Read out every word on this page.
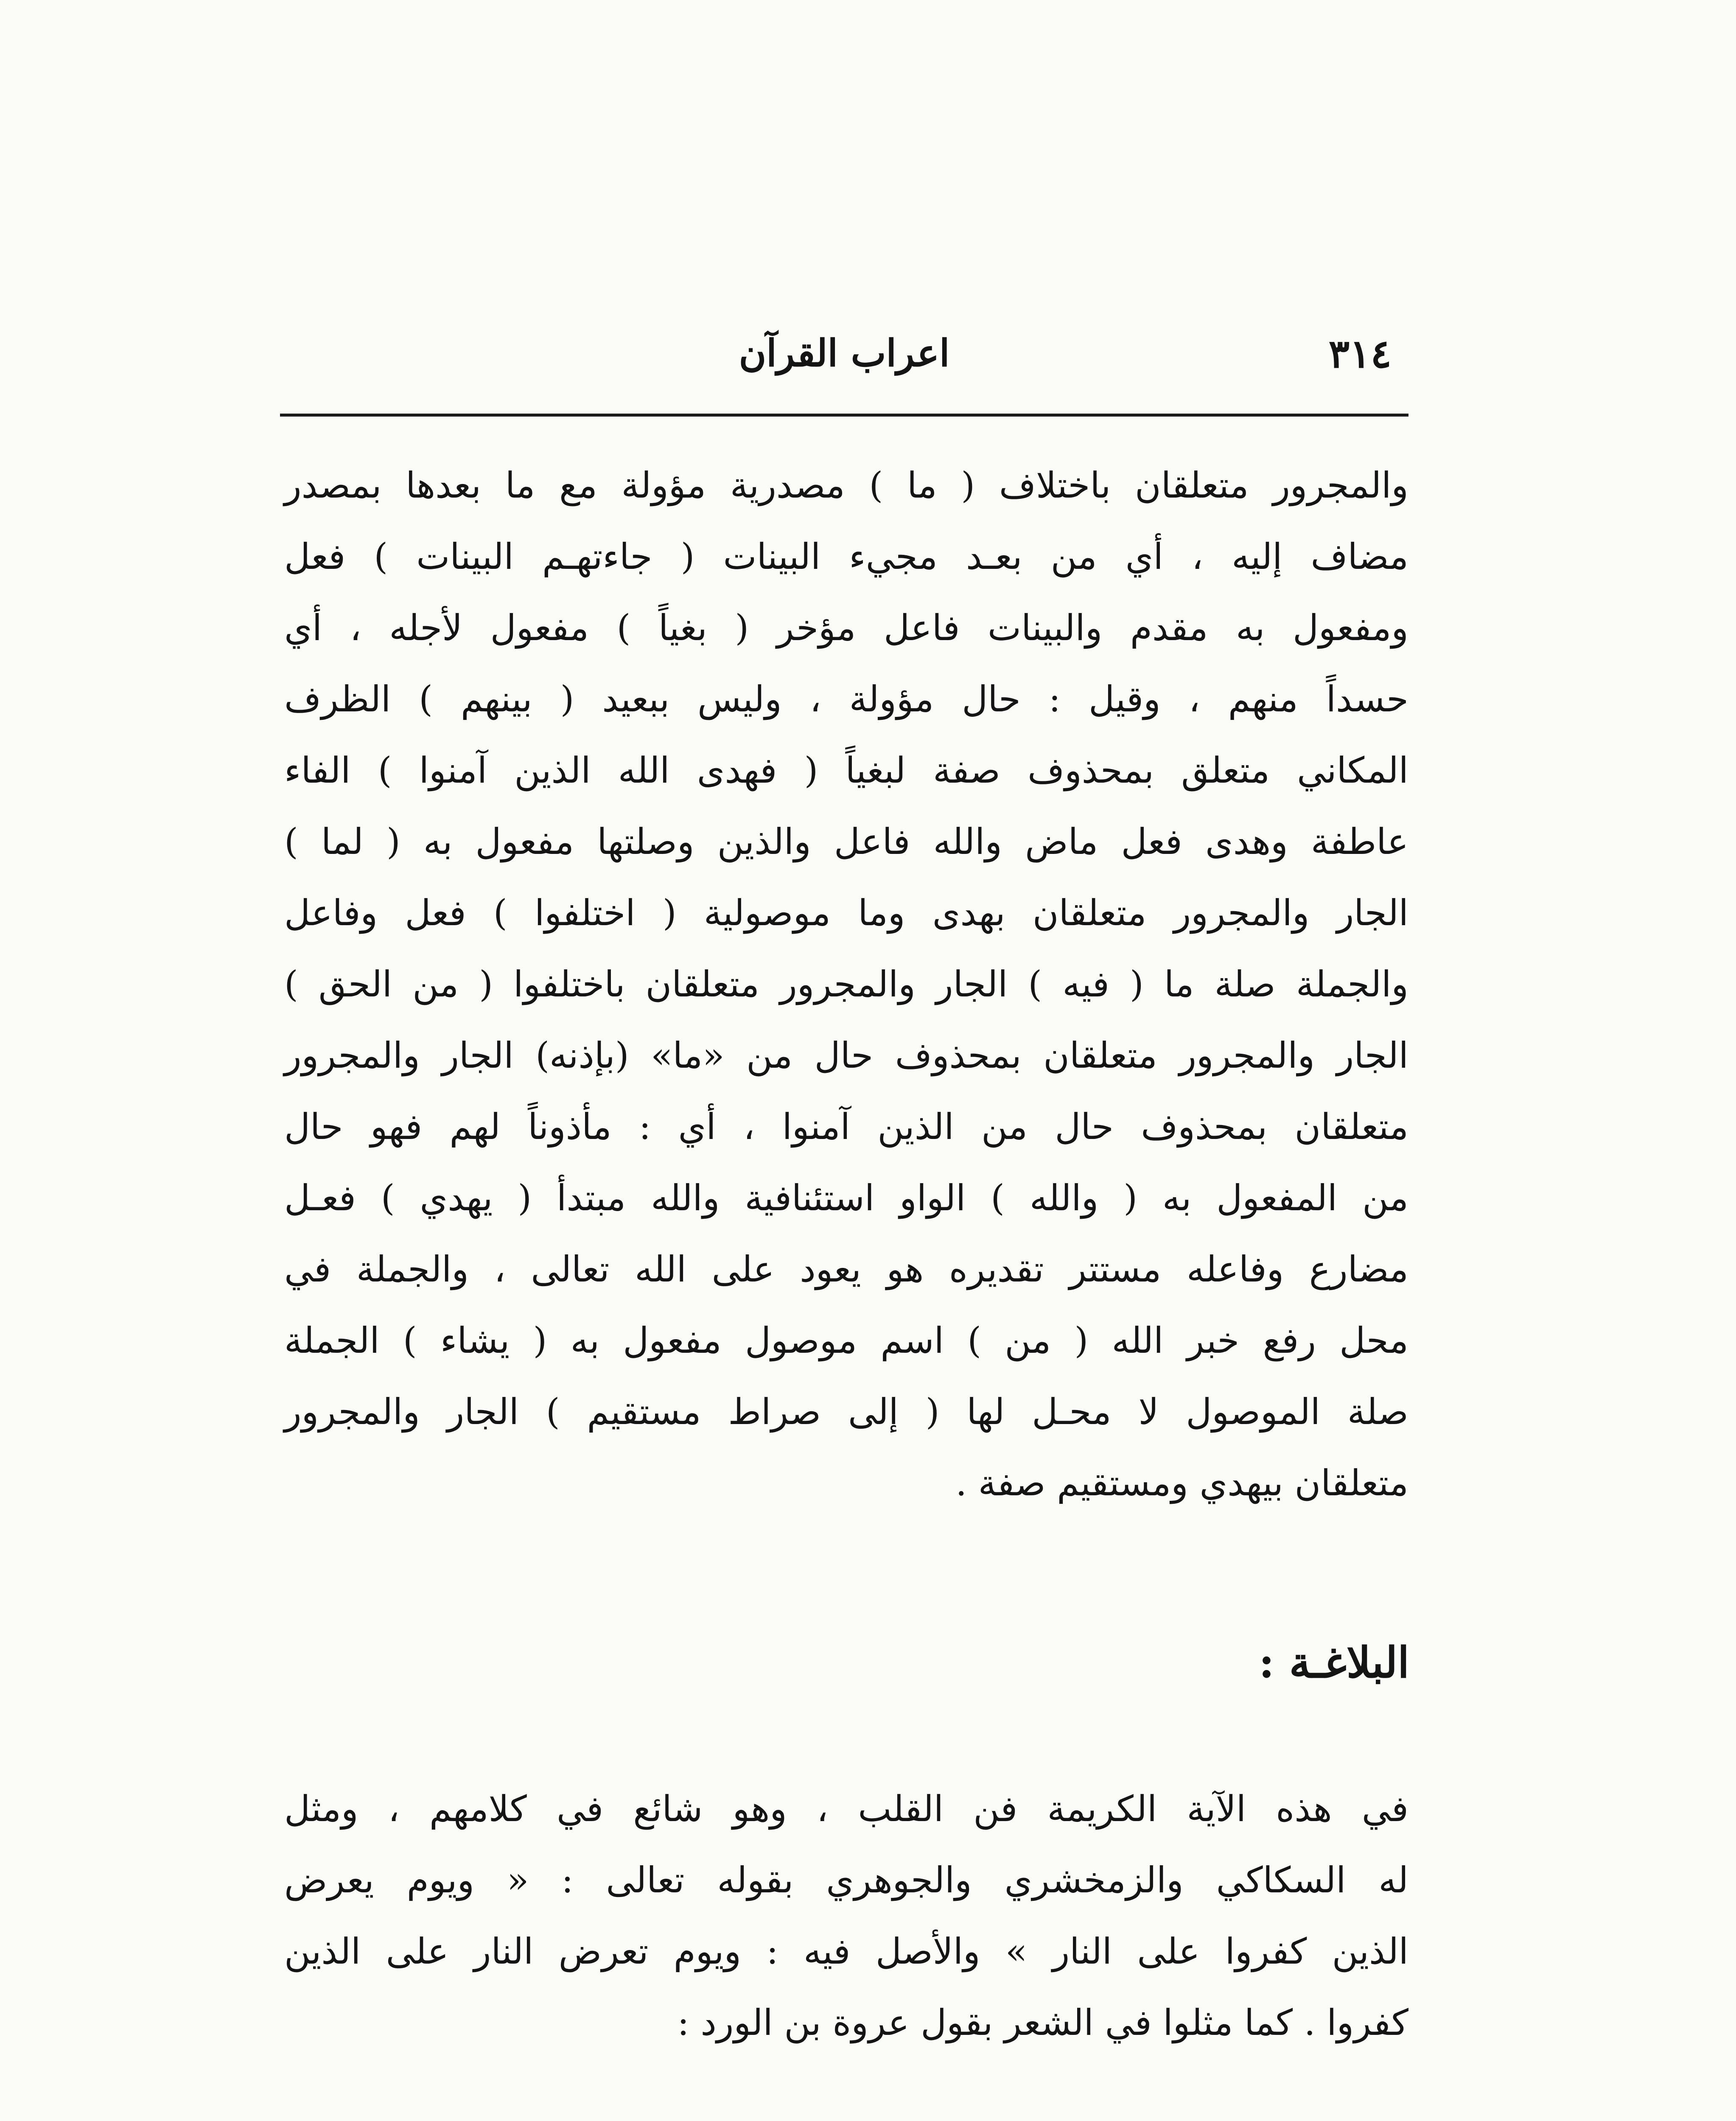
٣١٤
اعراب القرآن
والمجرور متعلقان باختلاف ( ما ) مصدرية مؤولة مع ما بعدها بمصدر
مضاف إليه ، أي من بعـد مجيء البينات ( جاءتهـم البينات ) فعل
ومفعول به مقدم والبينات فاعل مؤخر ( بغياً ) مفعول لأجله ، أي
حسداً منهم ، وقيل : حال مؤولة ، وليس ببعيد ( بينهم ) الظرف
المكاني متعلق بمحذوف صفة لبغياً ( فهدى الله الذين آمنوا ) الفاء
عاطفة وهدى فعل ماض والله فاعل والذين وصلتها مفعول به ( لما )
الجار والمجرور متعلقان بهدى وما موصولية ( اختلفوا ) فعل وفاعل
والجملة صلة ما ( فيه ) الجار والمجرور متعلقان باختلفوا ( من الحق )
الجار والمجرور متعلقان بمحذوف حال من «ما» (بإذنه) الجار والمجرور
متعلقان بمحذوف حال من الذين آمنوا ، أي : مأذوناً لهم فهو حال
من المفعول به ( والله ) الواو استئنافية والله مبتدأ ( يهدي ) فعـل
مضارع وفاعله مستتر تقديره هو يعود على الله تعالى ، والجملة في
محل رفع خبر الله ( من ) اسم موصول مفعول به ( يشاء ) الجملة
صلة الموصول لا محـل لها ( إلى صراط مستقيم ) الجار والمجرور
متعلقان بيهدي ومستقيم صفة .
البلاغـة :
في هذه الآية الكريمة فن القلب ، وهو شائع في كلامهم ، ومثل
له السكاكي والزمخشري والجوهري بقوله تعالى : « ويوم يعرض
الذين كفروا على النار » والأصل فيه : ويوم تعرض النار على الذين
كفروا . كما مثلوا في الشعر بقول عروة بن الورد :
